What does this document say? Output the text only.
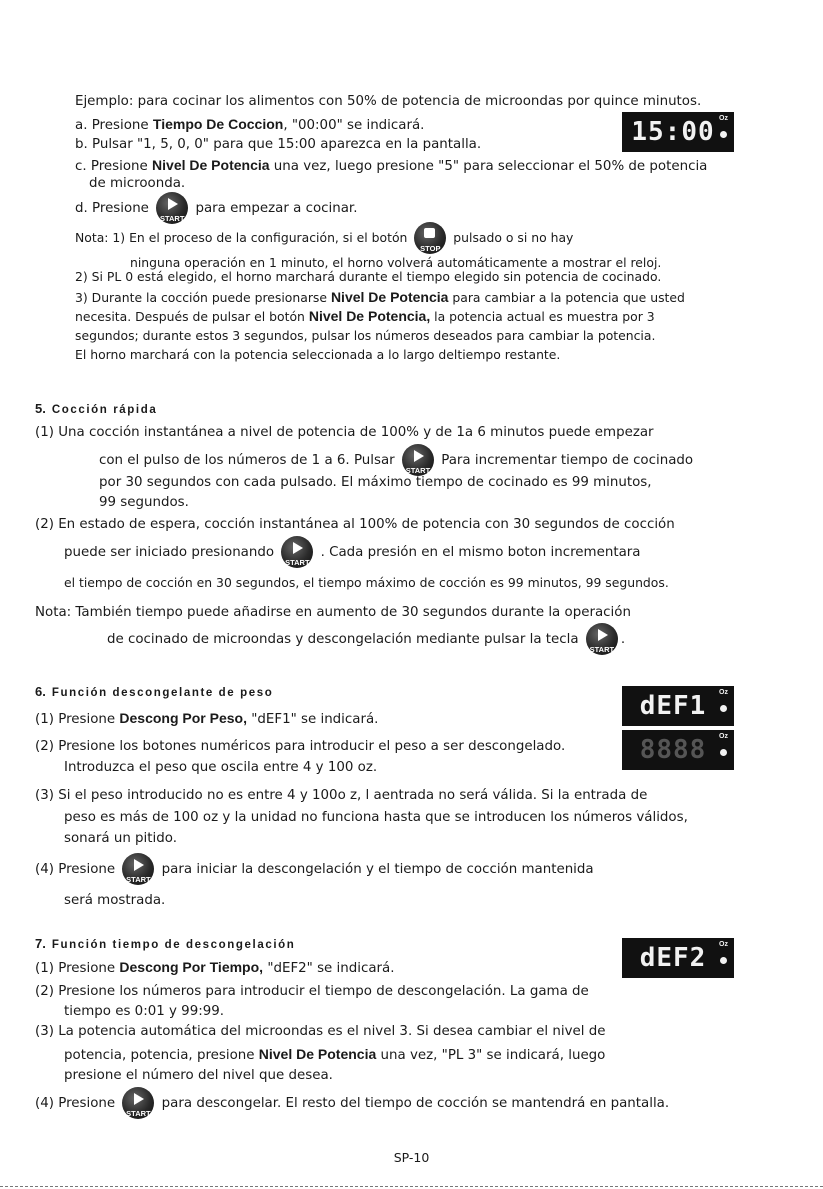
Ejemplo: para cocinar los alimentos con 50% de potencia de microondas por quince minutos.
a. Presione Tiempo De Coccion, "00:00" se indicará.	15:00 Oz
b. Pulsar "1, 5, 0, 0" para que 15:00 aparezca en la pantalla.
c. Presione Nivel De Potencia una vez, luego presione "5" para seleccionar el 50% de potencia
de microonda.
d. Presione
START
para empezar a cocinar.
Nota: 1) En el proceso de la configuración, si el botón
STOP
pulsado o si no hay
ninguna operación en 1 minuto, el horno volverá automáticamente a mostrar el reloj.
2) Si PL 0 está elegido, el horno marchará durante el tiempo elegido sin potencia de cocinado.
3) Durante la cocción puede presionarse Nivel De Potencia para cambiar a la potencia que usted
necesita. Después de pulsar el botón Nivel De Potencia, la potencia actual es muestra por 3
segundos; durante estos 3 segundos, pulsar los números deseados para cambiar la potencia.
El horno marchará con la potencia seleccionada a lo largo deltiempo restante.
5. Cocción rápida
(1) Una cocción instantánea a nivel de potencia de 100% y de 1a 6 minutos puede empezar
con el pulso de los números de 1 a 6. Pulsar
START
Para incrementar tiempo de cocinado
por 30 segundos con cada pulsado. El máximo tiempo de cocinado es 99 minutos,
99 segundos.
(2) En estado de espera, cocción instantánea al 100% de potencia con 30 segundos de cocción
puede ser iniciado presionando
START
. Cada presión en el mismo boton incrementara
el tiempo de cocción en 30 segundos, el tiempo máximo de cocción es 99 minutos, 99 segundos.
Nota: También tiempo puede añadirse en aumento de 30 segundos durante la operación
de cocinado de microondas y descongelación mediante pulsar la tecla
START
.
6. Función descongelante de peso	dEF1	Oz
(1) Presione Descong Por Peso, "dEF1" se indicará.
(2) Presione los botones numéricos para introducir el peso a ser descongelado.	8888	Oz
Introduzca el peso que oscila entre 4 y 100 oz.
(3) Si el peso introducido no es entre 4 y 100o z, l aentrada no será válida. Si la entrada de
peso es más de 100 oz y la unidad no funciona hasta que se introducen los números válidos,
sonará un pitido.
(4) Presione
START
para iniciar la descongelación y el tiempo de cocción mantenida
será mostrada.
7. Función tiempo de descongelación	dEF2	Oz
(1) Presione Descong Por Tiempo, "dEF2" se indicará.
(2) Presione los números para introducir el tiempo de descongelación. La gama de
tiempo es 0:01 y 99:99.
(3) La potencia automática del microondas es el nivel 3. Si desea cambiar el nivel de
potencia, potencia, presione Nivel De Potencia una vez, "PL 3" se indicará, luego
presione el número del nivel que desea.
(4) Presione
START
para descongelar. El resto del tiempo de cocción se mantendrá en pantalla.
SP-10
